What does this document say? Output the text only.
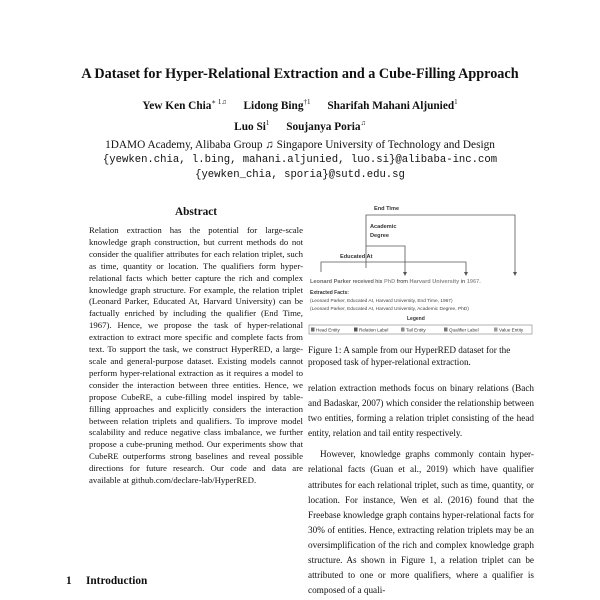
A Dataset for Hyper-Relational Extraction and a Cube-Filling Approach
Yew Ken Chia$^{∗ 1♫}$ Lidong Bing$^{\dagger 1}$ Sharifah Mahani Aljunied$^1$
Luo Si$^1$ Soujanya Poria♫
1DAMO Academy, Alibaba Group ♫ Singapore University of Technology and Design
{yewken.chia, l.bing, mahani.aljunied, luo.si}@alibaba-inc.com
{yewken_chia, sporia}@sutd.edu.sg
Abstract
Relation extraction has the potential for large-scale knowledge graph construction, but current methods do not consider the qualifier attributes for each relation triplet, such as time, quantity or location. The qualifiers form hyper-relational facts which better capture the rich and complex knowledge graph structure. For example, the relation triplet (Leonard Parker, Educated At, Harvard University) can be factually enriched by including the qualifier (End Time, 1967). Hence, we propose the task of hyper-relational extraction to extract more specific and complete facts from text. To support the task, we construct HyperRED, a large-scale and general-purpose dataset. Existing models cannot perform hyper-relational extraction as it requires a model to consider the interaction between three entities. Hence, we propose CubeRE, a cube-filling model inspired by table-filling approaches and explicitly considers the interaction between relation triplets and qualifiers. To improve model scalability and reduce negative class imbalance, we further propose a cube-pruning method. Our experiments show that CubeRE outperforms strong baselines and reveal possible directions for future research. Our code and data are available at github.com/declare-lab/HyperRED.
1 Introduction
End Time
Academic
Degree
Educated At
Leonard Parker received his PhD from Harvard University in 1967.
Extracted Facts:
(Leonard Parker, Educated At, Harvard University, End Time, 1967)
(Leonard Parker, Educated At, Harvard University, Academic Degree, PhD)
Legend
Head Entity	Relation Label	Tail Entity	Qualifier Label	Value Entity
Figure 1: A sample from our HyperRED dataset for the proposed task of hyper-relational extraction.

relation extraction methods focus on binary relations (Bach and Badaskar, 2007) which consider the relationship between two entities, forming a relation triplet consisting of the head entity, relation and tail entity respectively.

However, knowledge graphs commonly contain hyper-relational facts (Guan et al., 2019) which have qualifier attributes for each relational triplet, such as time, quantity, or location. For instance, Wen et al. (2016) found that the Freebase knowledge graph contains hyper-relational facts for 30% of entities. Hence, extracting relation triplets may be an oversimplification of the rich and complex knowledge graph structure. As shown in Figure 1, a relation triplet can be attributed to one or more qualifiers, where a qualifier is composed of a quali-
